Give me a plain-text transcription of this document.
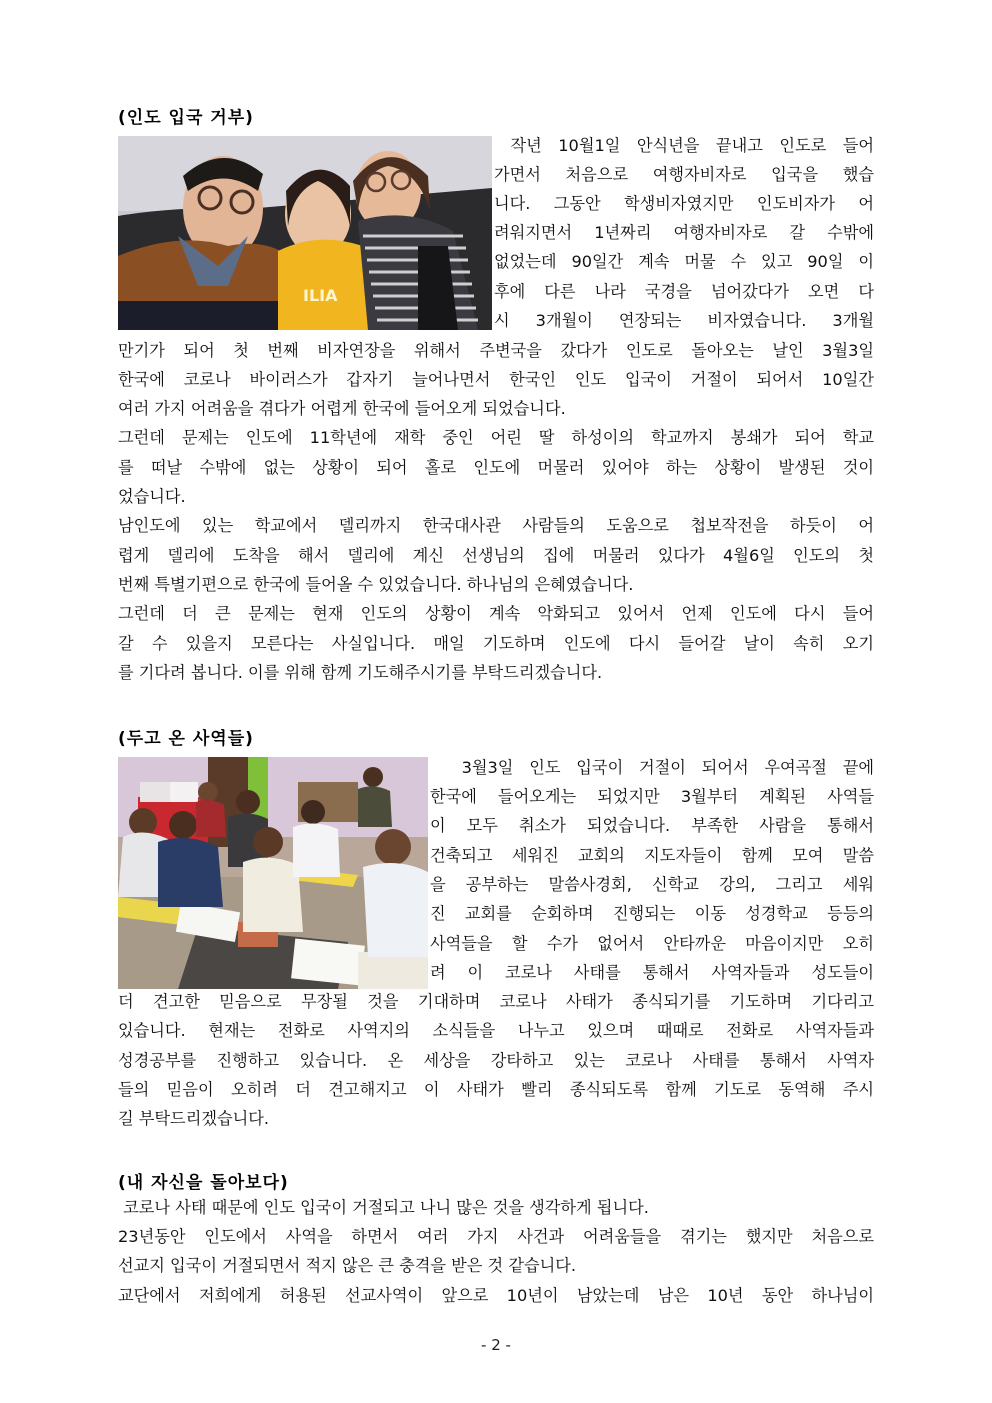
(인도 입국 거부)
ILIA
작년 10월1일 안식년을 끝내고 인도로 들어
가면서 처음으로 여행자비자로 입국을 했습
니다. 그동안 학생비자였지만 인도비자가 어
려워지면서 1년짜리 여행자비자로 갈 수밖에
없었는데 90일간 계속 머물 수 있고 90일 이
후에 다른 나라 국경을 넘어갔다가 오면 다
시 3개월이 연장되는 비자였습니다. 3개월
만기가 되어 첫 번째 비자연장을 위해서 주변국을 갔다가 인도로 돌아오는 날인 3월3일
한국에 코로나 바이러스가 갑자기 늘어나면서 한국인 인도 입국이 거절이 되어서 10일간
여러 가지 어려움을 겪다가 어렵게 한국에 들어오게 되었습니다.
그런데 문제는 인도에 11학년에 재학 중인 어린 딸 하성이의 학교까지 봉쇄가 되어 학교
를 떠날 수밖에 없는 상황이 되어 홀로 인도에 머물러 있어야 하는 상황이 발생된 것이
었습니다.
남인도에 있는 학교에서 델리까지 한국대사관 사람들의 도움으로 첩보작전을 하듯이 어
렵게 델리에 도착을 해서 델리에 계신 선생님의 집에 머물러 있다가 4월6일 인도의 첫
번째 특별기편으로 한국에 들어올 수 있었습니다. 하나님의 은혜였습니다.
그런데 더 큰 문제는 현재 인도의 상황이 계속 악화되고 있어서 언제 인도에 다시 들어
갈 수 있을지 모른다는 사실입니다. 매일 기도하며 인도에 다시 들어갈 날이 속히 오기
를 기다려 봅니다. 이를 위해 함께 기도해주시기를 부탁드리겠습니다.
(두고 온 사역들)
3월3일 인도 입국이 거절이 되어서 우여곡절 끝에
한국에 들어오게는 되었지만 3월부터 계획된 사역들
이 모두 취소가 되었습니다. 부족한 사람을 통해서
건축되고 세워진 교회의 지도자들이 함께 모여 말씀
을 공부하는 말씀사경회, 신학교 강의, 그리고 세워
진 교회를 순회하며 진행되는 이동 성경학교 등등의
사역들을 할 수가 없어서 안타까운 마음이지만 오히
려 이 코로나 사태를 통해서 사역자들과 성도들이
더 견고한 믿음으로 무장될 것을 기대하며 코로나 사태가 종식되기를 기도하며 기다리고
있습니다. 현재는 전화로 사역지의 소식들을 나누고 있으며 때때로 전화로 사역자들과
성경공부를 진행하고 있습니다. 온 세상을 강타하고 있는 코로나 사태를 통해서 사역자
들의 믿음이 오히려 더 견고해지고 이 사태가 빨리 종식되도록 함께 기도로 동역해 주시
길 부탁드리겠습니다.
(내 자신을 돌아보다)
코로나 사태 때문에 인도 입국이 거절되고 나니 많은 것을 생각하게 됩니다.
23년동안 인도에서 사역을 하면서 여러 가지 사건과 어려움들을 겪기는 했지만 처음으로
선교지 입국이 거절되면서 적지 않은 큰 충격을 받은 것 같습니다.
교단에서 저희에게 허용된 선교사역이 앞으로 10년이 남았는데 남은 10년 동안 하나님이
- 2 -
